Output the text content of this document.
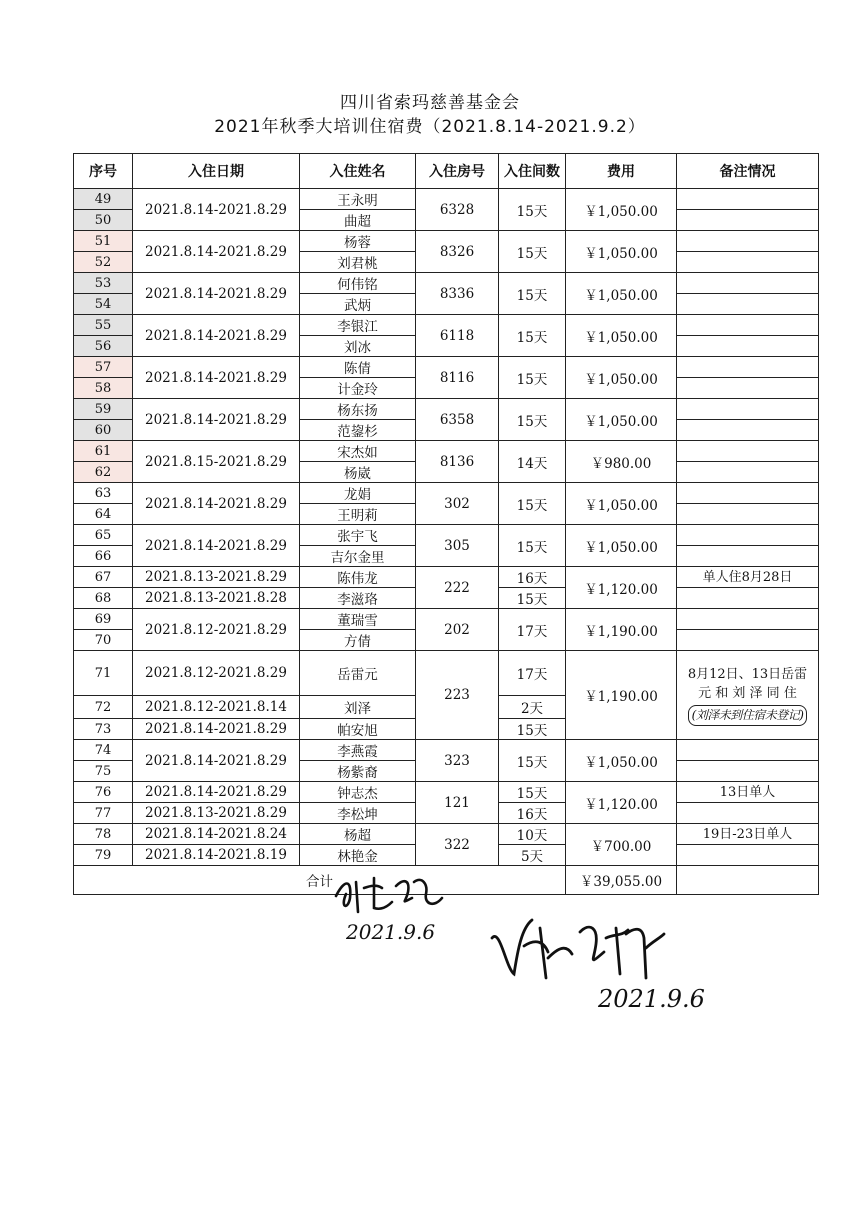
四川省索玛慈善基金会
2021年秋季大培训住宿费（2021.8.14-2021.9.2）
序号	入住日期	入住姓名	入住房号	入住间数	费用	备注情况
49	2021.8.14-2021.8.29	王永明	6328	15天	￥1,050.00	
50		曲超				
51	2021.8.14-2021.8.29	杨蓉	8326	15天	￥1,050.00	
52		刘君桃				
53	2021.8.14-2021.8.29	何伟铭	8336	15天	￥1,050.00	
54		武炳				
55	2021.8.14-2021.8.29	李银江	6118	15天	￥1,050.00	
56		刘冰				
57	2021.8.14-2021.8.29	陈倩	8116	15天	￥1,050.00	
58		计金玲				
59	2021.8.14-2021.8.29	杨东扬	6358	15天	￥1,050.00	
60		范鋆杉				
61	2021.8.15-2021.8.29	宋杰如	8136	14天	￥980.00	
62		杨崴				
63	2021.8.14-2021.8.29	龙娟	302	15天	￥1,050.00	
64		王明莉				
65	2021.8.14-2021.8.29	张宇飞	305	15天	￥1,050.00	
66		吉尔金里				
67	2021.8.13-2021.8.29	陈伟龙	222	16天	￥1,120.00	单人住8月28日
68	2021.8.13-2021.8.28	李滋珞		15天		
69	2021.8.12-2021.8.29	董瑞雪	202	17天	￥1,190.00	
70		方倩				
71	2021.8.12-2021.8.29	岳雷元	223	17天	￥1,190.00	8月12日、13日岳雷
元 和 刘 泽 同 住
(刘泽未到住宿未登记)
72	2021.8.12-2021.8.14	刘泽		2天		
73	2021.8.14-2021.8.29	帕安旭		15天		
74	2021.8.14-2021.8.29	李燕霞	323	15天	￥1,050.00	
75		杨紫裔				
76	2021.8.14-2021.8.29	钟志杰	121	15天	￥1,120.00	13日单人
77	2021.8.13-2021.8.29	李松坤		16天		
78	2021.8.14-2021.8.24	杨超	322	10天	￥700.00	19日-23日单人
79	2021.8.14-2021.8.19	林艳金		5天		
合计					￥39,055.00	
2021.9.6
2021.9.6
